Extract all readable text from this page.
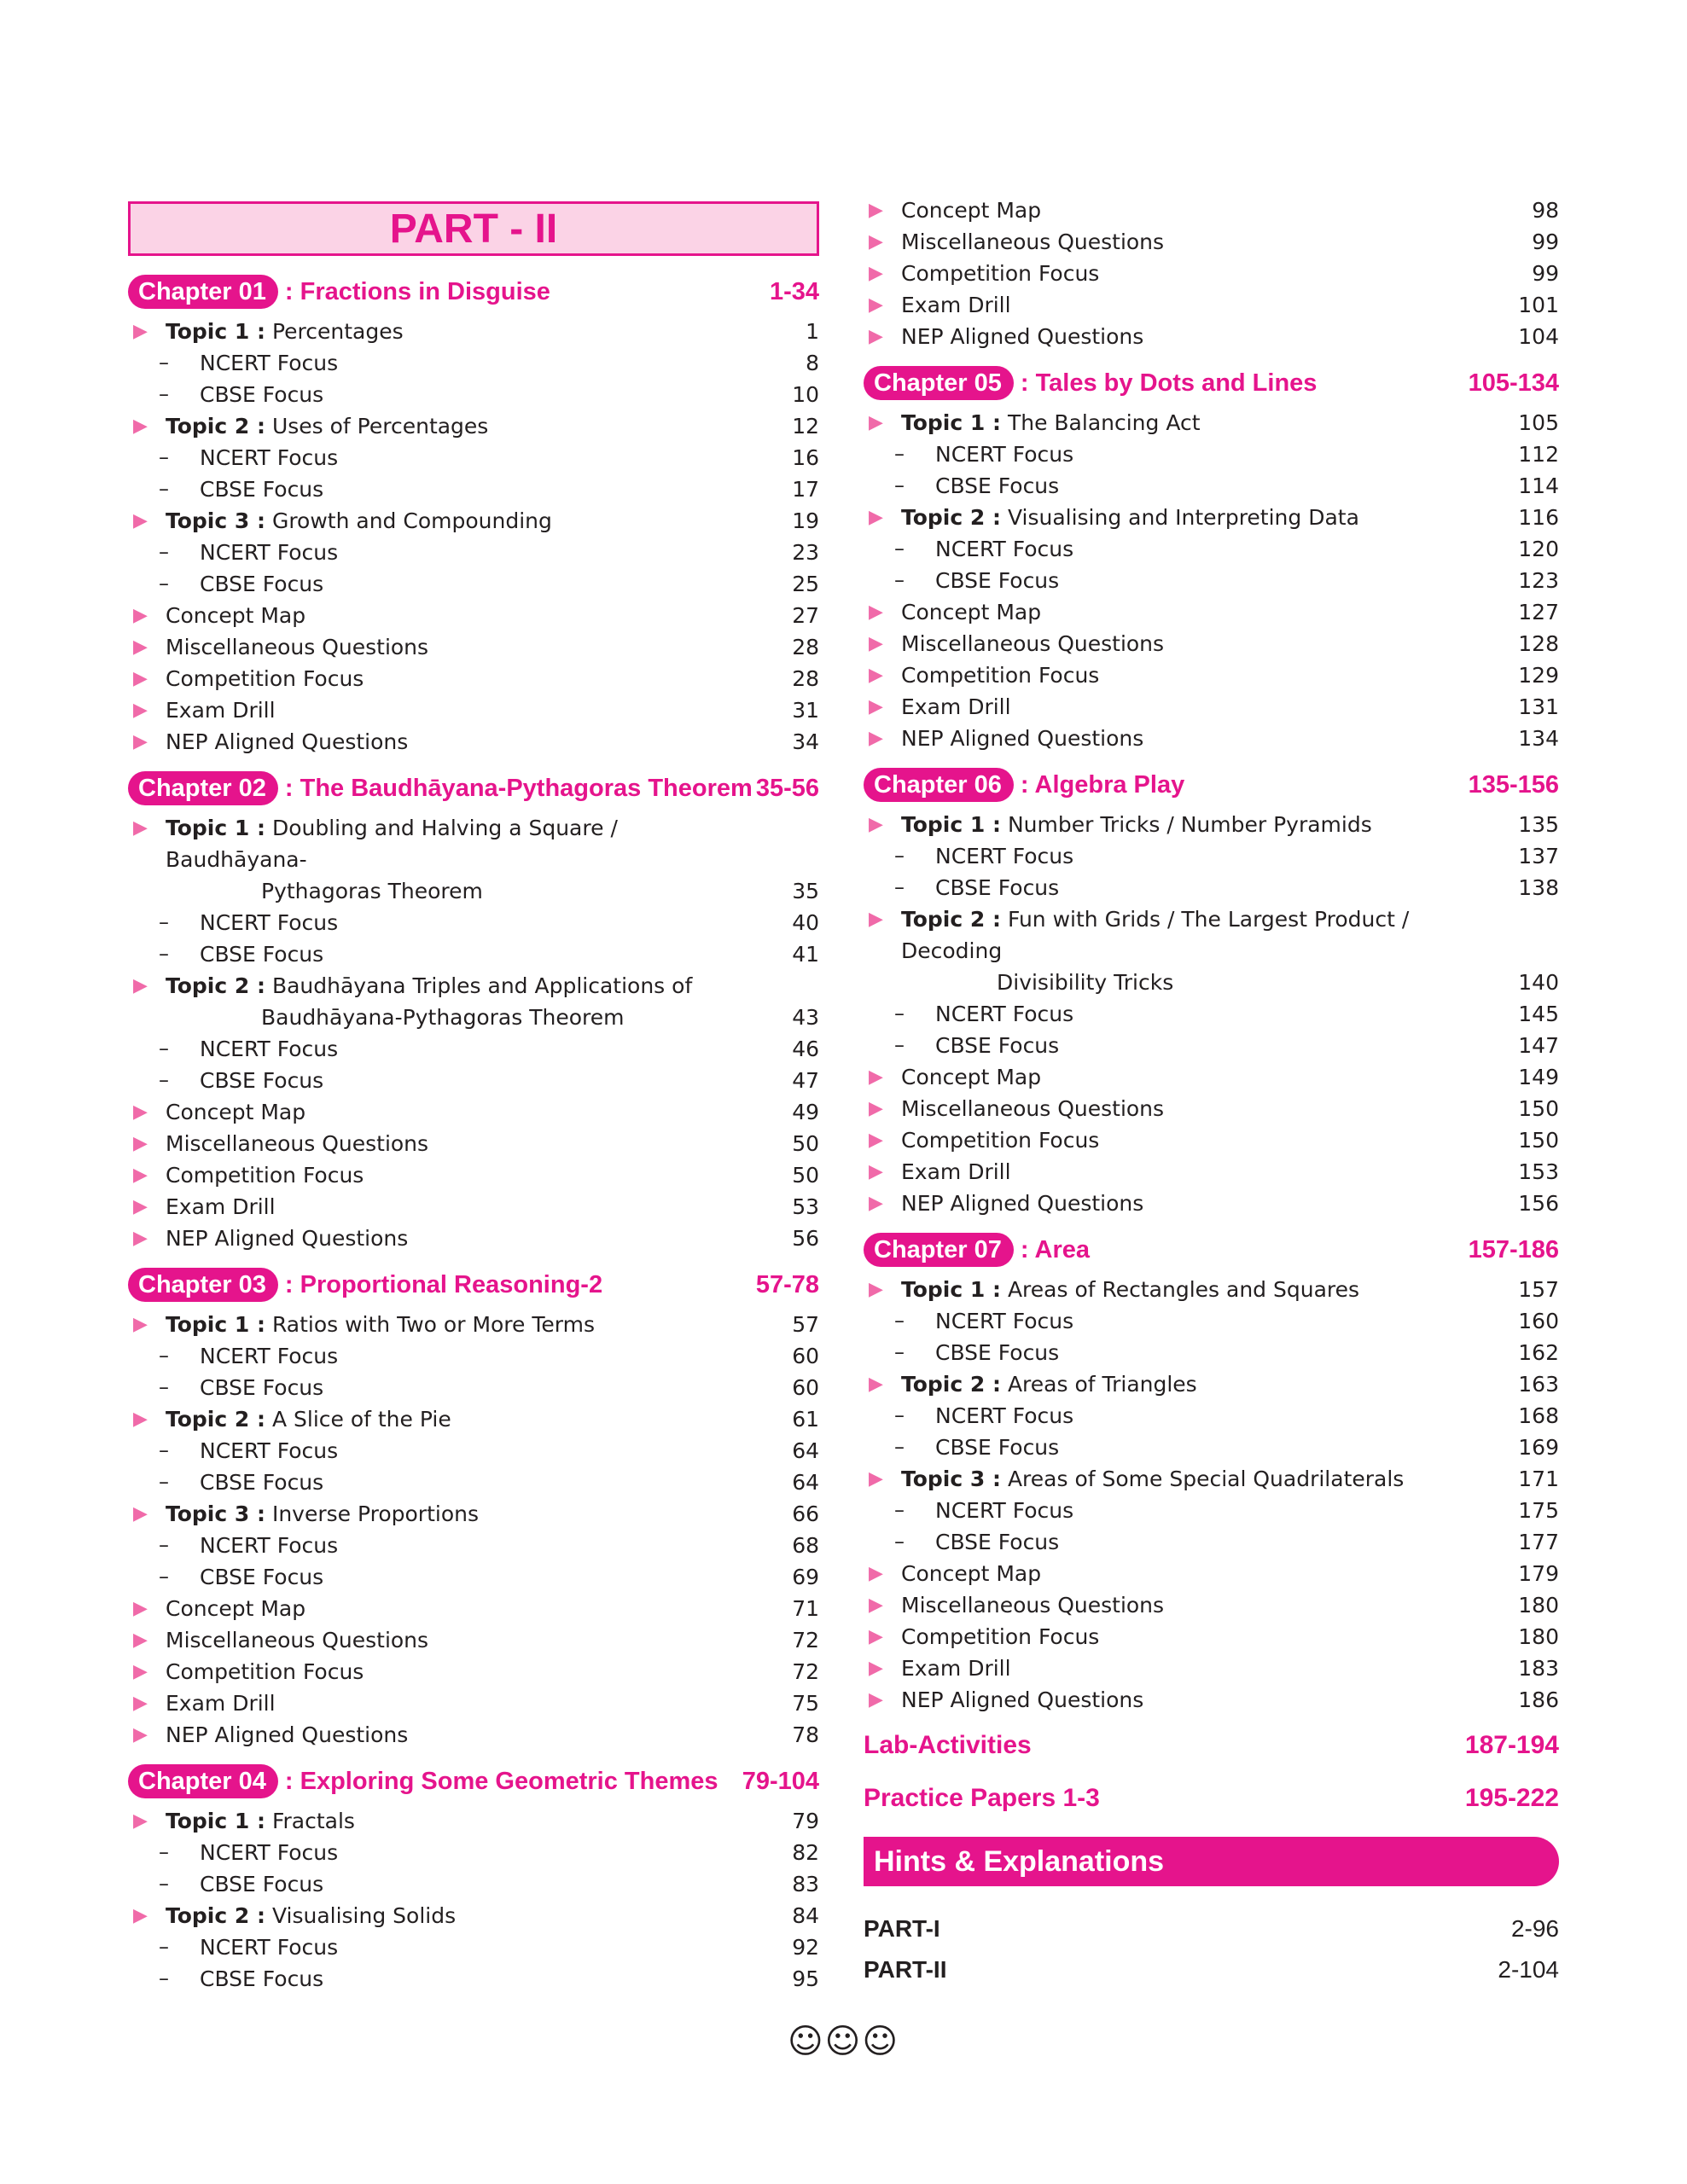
PART - II
Chapter 01 : Fractions in Disguise	1-34
▶ Topic 1 : Percentages	1
–	NCERT Focus	8
–	CBSE Focus	10
▶ Topic 2 : Uses of Percentages	12
–	NCERT Focus	16
–	CBSE Focus	17
▶ Topic 3 : Growth and Compounding	19
–	NCERT Focus	23
–	CBSE Focus	25
▶ Concept Map	27
▶ Miscellaneous Questions	28
▶ Competition Focus	28
▶ Exam Drill	31
▶ NEP Aligned Questions	34
Chapter 02 : The Baudhāyana-Pythagoras Theorem 35-56
▶ Topic 1 : Doubling and Halving a Square / Baudhāyana-
Pythagoras Theorem	35
–	NCERT Focus	40
–	CBSE Focus	41
▶ Topic 2 : Baudhāyana Triples and Applications of
Baudhāyana-Pythagoras Theorem	43
–	NCERT Focus	46
–	CBSE Focus	47
▶ Concept Map	49
▶ Miscellaneous Questions	50
▶ Competition Focus	50
▶ Exam Drill	53
▶ NEP Aligned Questions	56
Chapter 03 : Proportional Reasoning-2	57-78
▶ Topic 1 : Ratios with Two or More Terms	57
–	NCERT Focus	60
–	CBSE Focus	60
▶ Topic 2 : A Slice of the Pie	61
–	NCERT Focus	64
–	CBSE Focus	64
▶ Topic 3 : Inverse Proportions	66
–	NCERT Focus	68
–	CBSE Focus	69
▶ Concept Map	71
▶ Miscellaneous Questions	72
▶ Competition Focus	72
▶ Exam Drill	75
▶ NEP Aligned Questions	78
Chapter 04 : Exploring Some Geometric Themes 79-104
▶ Topic 1 : Fractals	79
–	NCERT Focus	82
–	CBSE Focus	83
▶ Topic 2 : Visualising Solids	84
–	NCERT Focus	92
–	CBSE Focus	95
▶ Concept Map	98
▶ Miscellaneous Questions	99
▶ Competition Focus	99
▶ Exam Drill	101
▶ NEP Aligned Questions	104
Chapter 05 : Tales by Dots and Lines	105-134
▶ Topic 1 : The Balancing Act	105
–	NCERT Focus	112
–	CBSE Focus	114
▶ Topic 2 : Visualising and Interpreting Data	116
–	NCERT Focus	120
–	CBSE Focus	123
▶ Concept Map	127
▶ Miscellaneous Questions	128
▶ Competition Focus	129
▶ Exam Drill	131
▶ NEP Aligned Questions	134
Chapter 06 : Algebra Play	135-156
▶ Topic 1 : Number Tricks / Number Pyramids	135
–	NCERT Focus	137
–	CBSE Focus	138
▶ Topic 2 : Fun with Grids / The Largest Product / Decoding
Divisibility Tricks	140
–	NCERT Focus	145
–	CBSE Focus	147
▶ Concept Map	149
▶ Miscellaneous Questions	150
▶ Competition Focus	150
▶ Exam Drill	153
▶ NEP Aligned Questions	156
Chapter 07 : Area	157-186
▶ Topic 1 : Areas of Rectangles and Squares	157
–	NCERT Focus	160
–	CBSE Focus	162
▶ Topic 2 : Areas of Triangles	163
–	NCERT Focus	168
–	CBSE Focus	169
▶ Topic 3 : Areas of Some Special Quadrilaterals	171
–	NCERT Focus	175
–	CBSE Focus	177
▶ Concept Map	179
▶ Miscellaneous Questions	180
▶ Competition Focus	180
▶ Exam Drill	183
▶ NEP Aligned Questions	186
Lab-Activities	187-194
Practice Papers 1-3	195-222
Hints & Explanations
PART-I	2-96
PART-II	2-104
☺☺☺
